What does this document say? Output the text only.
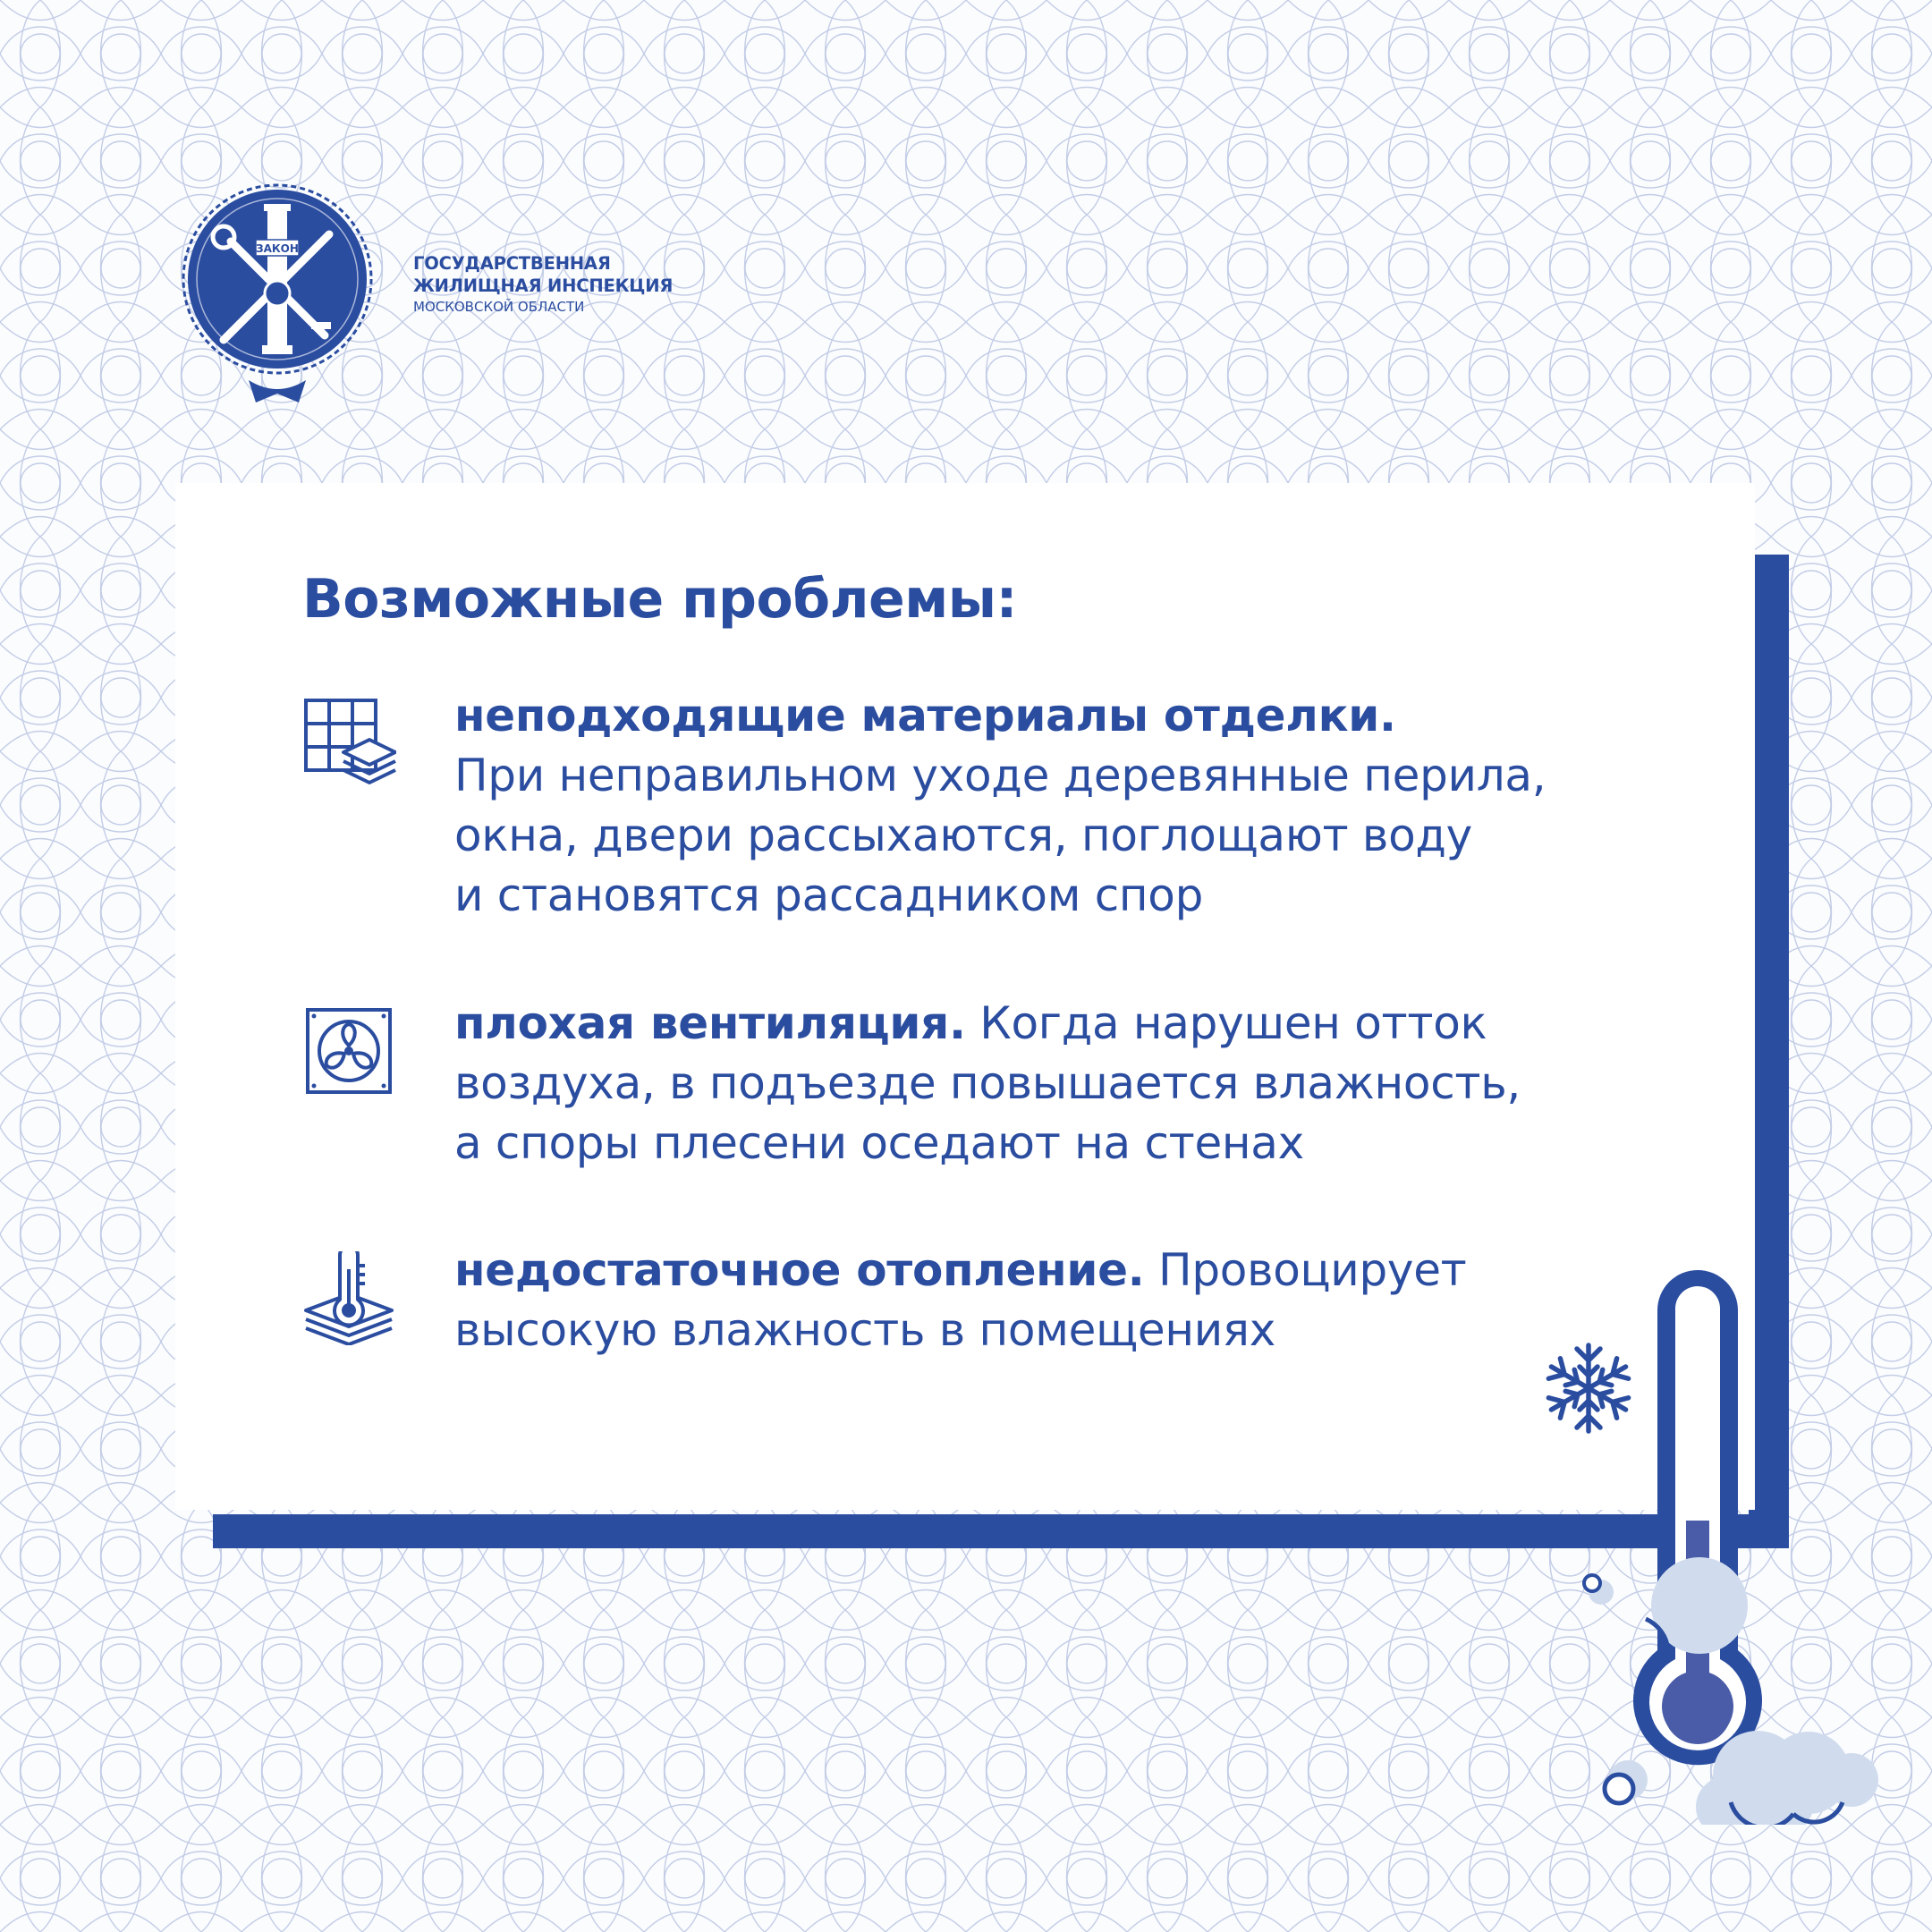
ЗАКОН
ГОСУДАРСТВЕННАЯ
ЖИЛИЩНАЯ ИНСПЕКЦИЯ
МОСКОВСКОЙ ОБЛАСТИ
Возможные проблемы:
неподходящие материалы отделки.
При неправильном уходе деревянные перила,
окна, двери рассыхаются, поглощают воду
и становятся рассадником спор
плохая вентиляция. Когда нарушен отток
воздуха, в подъезде повышается влажность,
а споры плесени оседают на стенах
недостаточное отопление. Провоцирует
высокую влажность в помещениях
